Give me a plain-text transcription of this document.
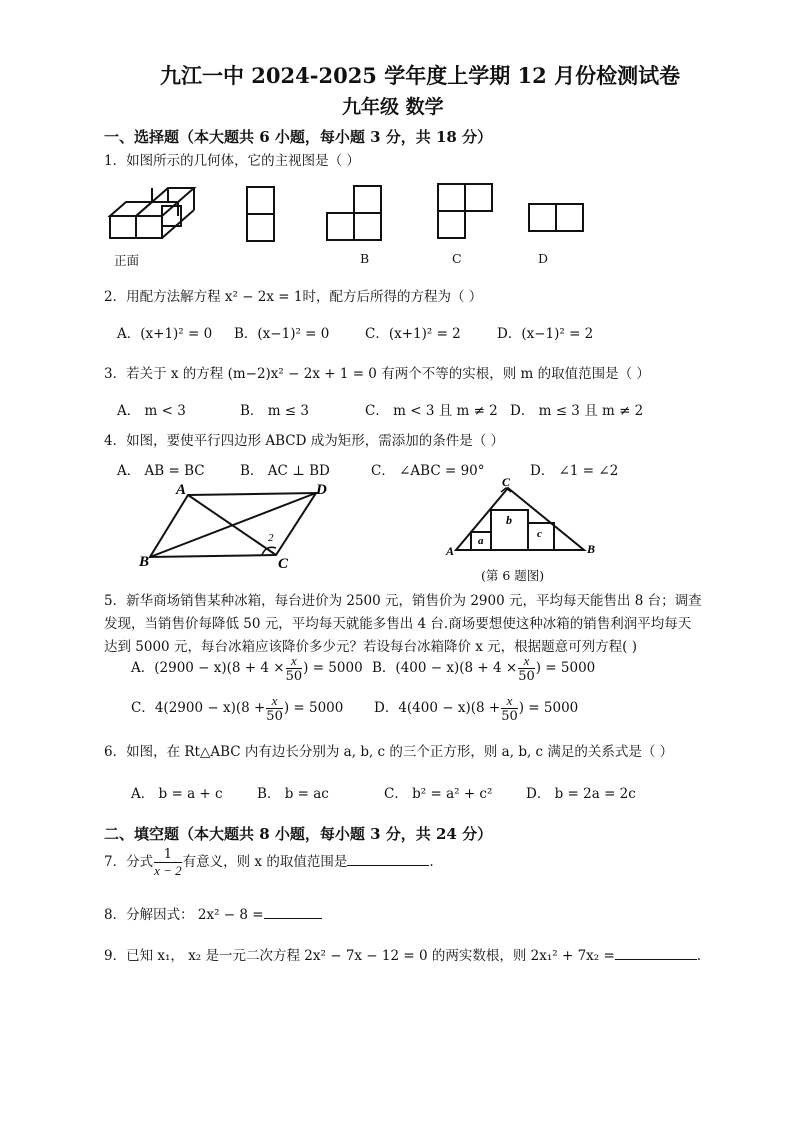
九江一中 2024-2025 学年度上学期 12 月份检测试卷
九年级 数学
一、选择题（本大题共 6 小题，每小题 3 分，共 18 分）
1．如图所示的几何体，它的主视图是（ ）
正面	B	C	D
2．用配方法解方程 x² − 2x = 1时，配方后所得的方程为（ ）
A．(x+1)² = 0 B．(x−1)² = 0	C．(x+1)² = 2	D．(x−1)² = 2
3．若关于 x 的方程 (m−2)x² − 2x + 1 = 0 有两个不等的实根，则 m 的取值范围是（ ）
A． m < 3	B． m ≤ 3	C． m < 3 且 m ≠ 2 D． m ≤ 3 且 m ≠ 2
4．如图，要使平行四边形 ABCD 成为矩形，需添加的条件是（ ）
A． AB = BC	B． AC ⊥ BD	C． ∠ABC = 90°	D． ∠1 = ∠2
A	D
B	C
2
C
A	B
b
a
c
(第 6 题图)
5．新华商场销售某种冰箱，每台进价为 2500 元，销售价为 2900 元，平均每天能售出 8 台；调查
发现，当销售价每降低 50 元，平均每天就能多售出 4 台.商场要想使这种冰箱的销售利润平均每天
达到 5000 元，每台冰箱应该降价多少元？若设每台冰箱降价 x 元，根据题意可列方程( )
A．$(2900 - x)(8 + 4 \times \frac{x}{50}$ ) = 5000 B．$(400 - x)(8 + 4 \times \frac{x}{50}$ ) = 5000
C．$4(2900 - x)(8 + \frac{x}{50}$ ) = 5000 D．$4(400 - x)(8 + \frac{x}{50}$ ) = 5000
6．如图，在 Rt△ABC 内有边长分别为 a, b, c 的三个正方形，则 a, b, c 满足的关系式是（ ）
A． b = a + c	B． b = ac	C． b² = a² + c² D． b = 2a = 2c
二、填空题（本大题共 8 小题，每小题 3 分，共 24 分）
7．分式 $\frac{1}{x - 2}$ 有意义，则 x 的取值范围是	.
8．分解因式： 2x² − 8 =
9．已知 x₁， x₂ 是一元二次方程 2x² − 7x − 12 = 0 的两实数根，则 2x₁² + 7x₂ =	.
